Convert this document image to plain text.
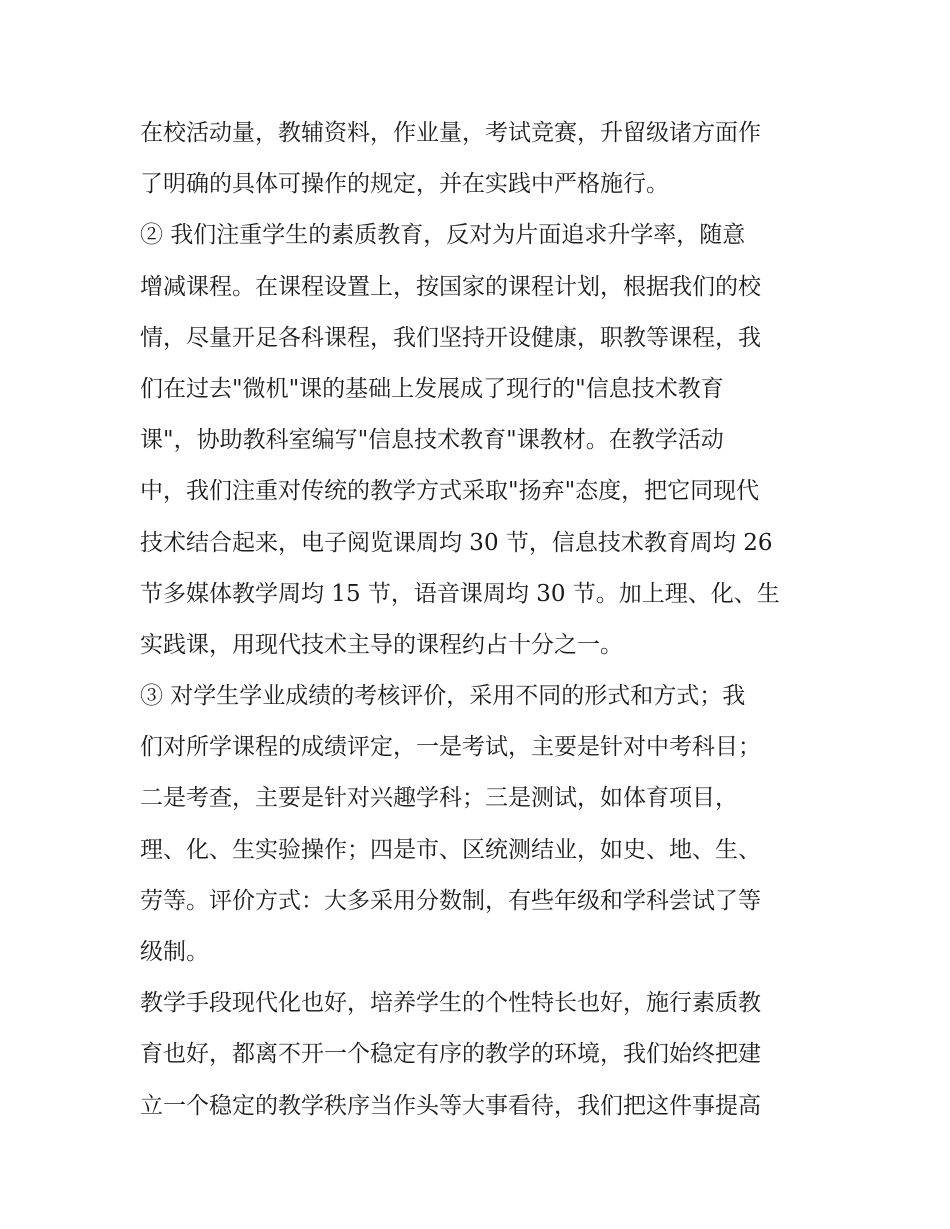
在校活动量，教辅资料，作业量，考试竞赛，升留级诸方面作
了明确的具体可操作的规定，并在实践中严格施行。
② 我们注重学生的素质教育，反对为片面追求升学率，随意
增减课程。在课程设置上，按国家的课程计划，根据我们的校
情，尽量开足各科课程，我们坚持开设健康，职教等课程，我
们在过去"微机"课的基础上发展成了现行的"信息技术教育
课"，协助教科室编写"信息技术教育"课教材。在教学活动
中，我们注重对传统的教学方式采取"扬弃"态度，把它同现代
技术结合起来，电子阅览课周均 30 节，信息技术教育周均 26
节多媒体教学周均 15 节，语音课周均 30 节。加上理、化、生
实践课，用现代技术主导的课程约占十分之一。
③ 对学生学业成绩的考核评价，采用不同的形式和方式；我
们对所学课程的成绩评定，一是考试，主要是针对中考科目；
二是考查，主要是针对兴趣学科；三是测试，如体育项目，
理、化、生实验操作；四是市、区统测结业，如史、地、生、
劳等。评价方式：大多采用分数制，有些年级和学科尝试了等
级制。
教学手段现代化也好，培养学生的个性特长也好，施行素质教
育也好，都离不开一个稳定有序的教学的环境，我们始终把建
立一个稳定的教学秩序当作头等大事看待，我们把这件事提高
